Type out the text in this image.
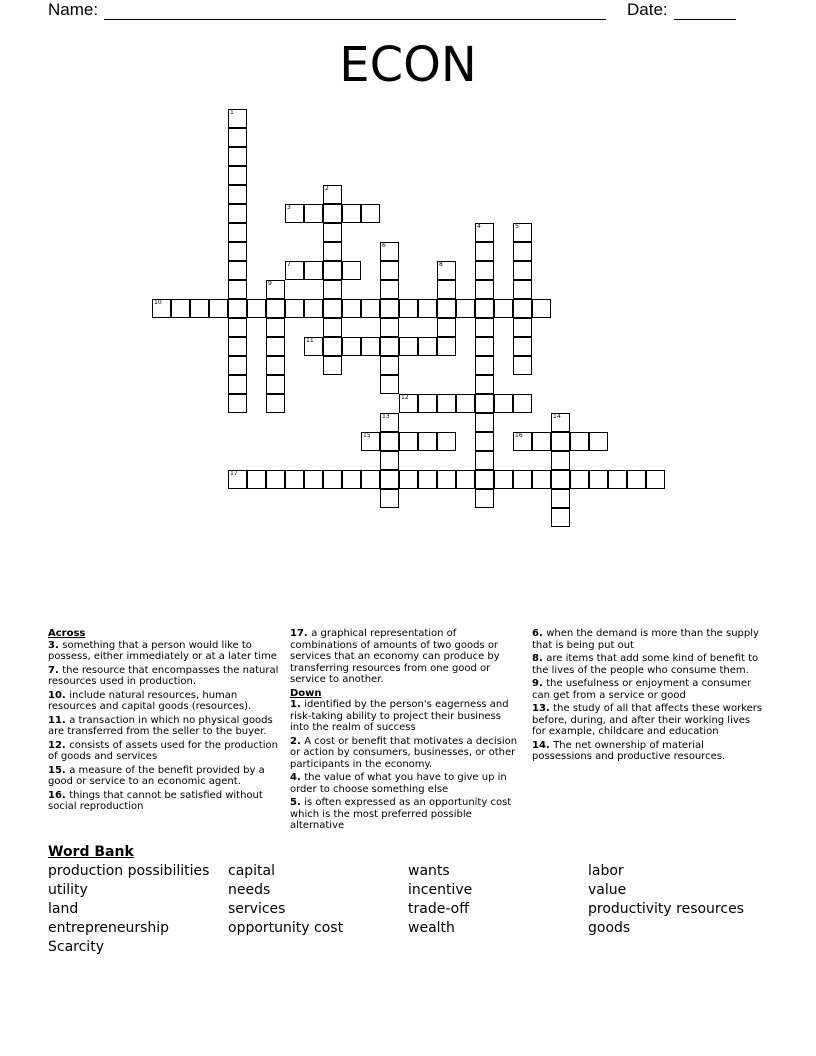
Name:	Date:
ECON
1
2
3
4	5
6
7	8
9
10
11
12
13	14
15	16
17
Across
3. something that a person would like to possess, either immediately or at a later time
7. the resource that encompasses the natural resources used in production.
10. include natural resources, human resources and capital goods (resources).
11. a transaction in which no physical goods are transferred from the seller to the buyer.
12. consists of assets used for the production of goods and services
15. a measure of the benefit provided by a good or service to an economic agent.
16. things that cannot be satisfied without social reproduction
17. a graphical representation of combinations of amounts of two goods or services that an economy can produce by transferring resources from one good or service to another.
Down
1. identified by the person's eagerness and risk-taking ability to project their business into the realm of success
2. A cost or benefit that motivates a decision or action by consumers, businesses, or other participants in the economy.
4. the value of what you have to give up in order to choose something else
5. is often expressed as an opportunity cost which is the most preferred possible alternative
6. when the demand is more than the supply that is being put out
8. are items that add some kind of benefit to the lives of the people who consume them.
9. the usefulness or enjoyment a consumer can get from a service or good
13. the study of all that affects these workers before, during, and after their working lives for example, childcare and education
14. The net ownership of material possessions and productive resources.
Word Bank
production possibilities
utility
land
entrepreneurship
Scarcity
capital
needs
services
opportunity cost
wants
incentive
trade-off
wealth
labor
value
productivity resources
goods
